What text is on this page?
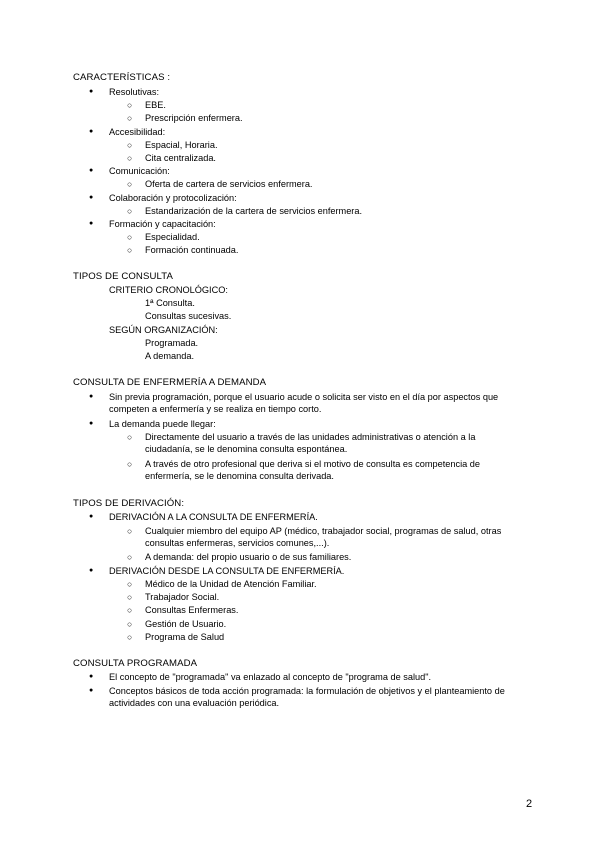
CARACTERÍSTICAS :
● Resolutivas:
○ EBE.
○ Prescripción enfermera.
● Accesibilidad:
○ Espacial, Horaria.
○ Cita centralizada.
● Comunicación:
○ Oferta de cartera de servicios enfermera.
● Colaboración y protocolización:
○ Estandarización de la cartera de servicios enfermera.
● Formación y capacitación:
○ Especialidad.
○ Formación continuada.
TIPOS DE CONSULTA
CRITERIO CRONOLÓGICO:
1ª Consulta.
Consultas sucesivas.
SEGÚN ORGANIZACIÓN:
Programada.
A demanda.
CONSULTA DE ENFERMERÍA A DEMANDA
● Sin previa programación, porque el usuario acude o solicita ser visto en el día por aspectos que competen a enfermería y se realiza en tiempo corto.
● La demanda puede llegar:
○ Directamente del usuario a través de las unidades administrativas o atención a la ciudadanía, se le denomina consulta espontánea.
○ A través de otro profesional que deriva si el motivo de consulta es competencia de enfermería, se le denomina consulta derivada.
TIPOS DE DERIVACIÓN:
● DERIVACIÓN A LA CONSULTA DE ENFERMERÍA.
○ Cualquier miembro del equipo AP (médico, trabajador social, programas de salud, otras consultas enfermeras, servicios comunes,...).
○ A demanda: del propio usuario o de sus familiares.
● DERIVACIÓN DESDE LA CONSULTA DE ENFERMERÍA.
○ Médico de la Unidad de Atención Familiar.
○ Trabajador Social.
○ Consultas Enfermeras.
○ Gestión de Usuario.
○ Programa de Salud
CONSULTA PROGRAMADA
● El concepto de "programada" va enlazado al concepto de "programa de salud".
● Conceptos básicos de toda acción programada: la formulación de objetivos y el planteamiento de actividades con una evaluación periódica.
2
